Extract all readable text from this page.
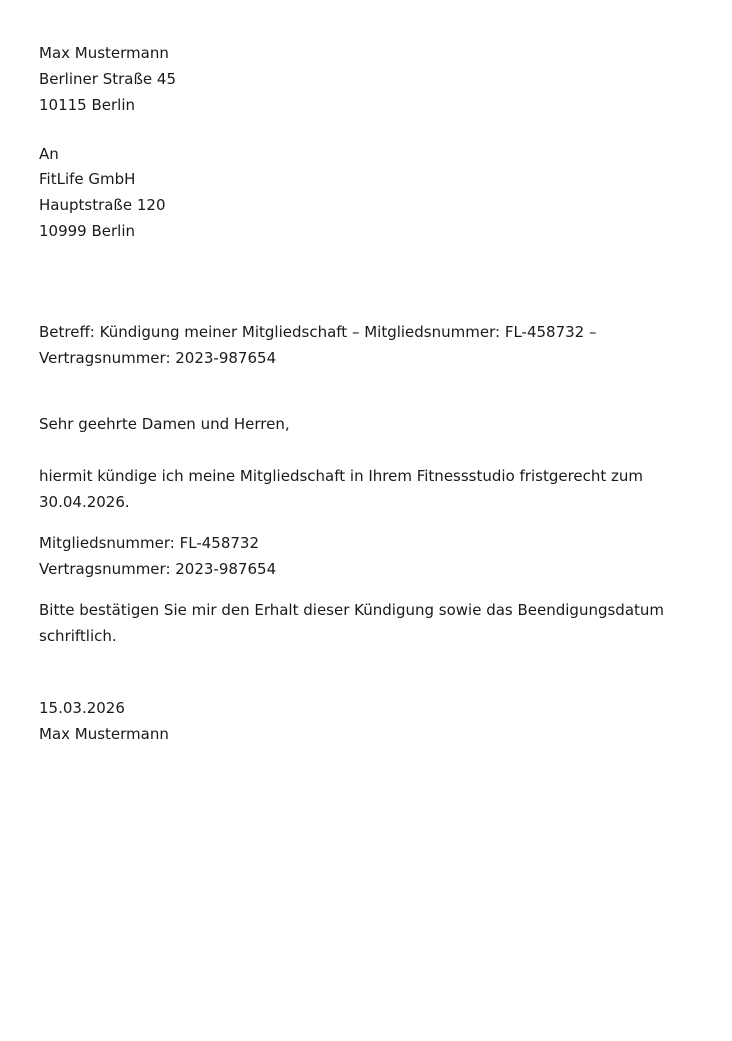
Max Mustermann
Berliner Straße 45
10115 Berlin
An
FitLife GmbH
Hauptstraße 120
10999 Berlin
Betreff: Kündigung meiner Mitgliedschaft – Mitgliedsnummer: FL-458732 –
Vertragsnummer: 2023-987654
Sehr geehrte Damen und Herren,
hiermit kündige ich meine Mitgliedschaft in Ihrem Fitnessstudio fristgerecht zum
30.04.2026.
Mitgliedsnummer: FL-458732
Vertragsnummer: 2023-987654
Bitte bestätigen Sie mir den Erhalt dieser Kündigung sowie das Beendigungsdatum
schriftlich.
15.03.2026
Max Mustermann
